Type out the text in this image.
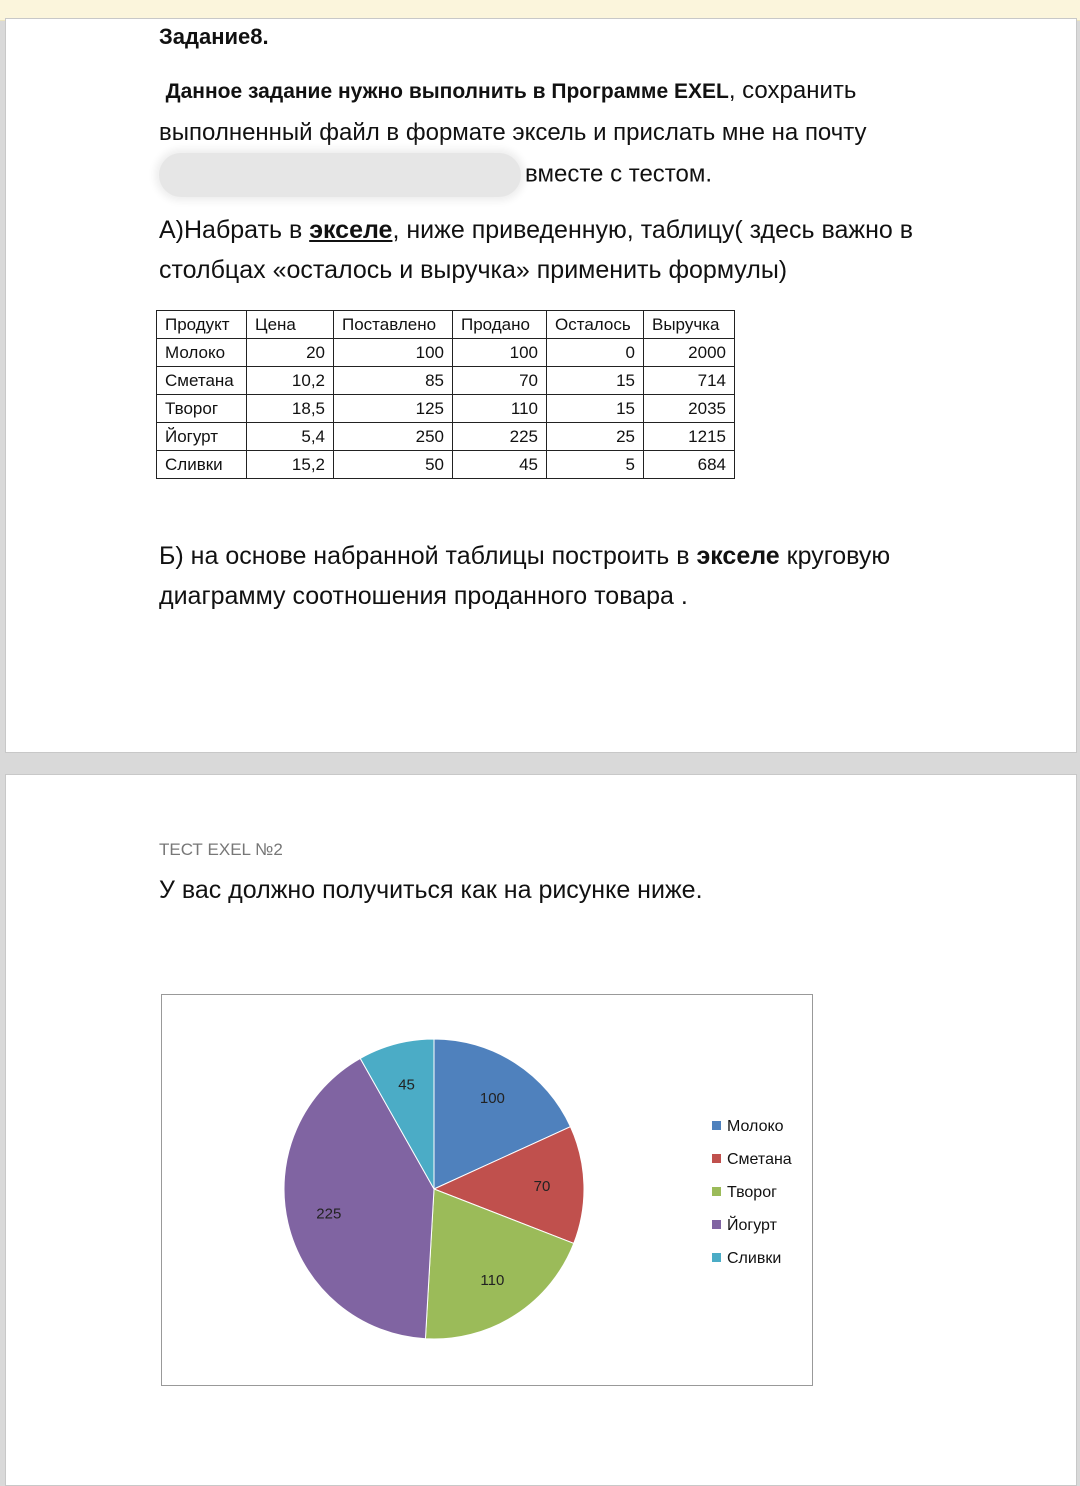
Задание8.
Данное задание нужно выполнить в Программе EXEL, сохранить
выполненный файл в формате эксель и прислать мне на почту
вместе с тестом.
А)Набрать в экселе, ниже приведенную, таблицу( здесь важно в
столбцах «осталось и выручка» применить формулы)
Продукт	Цена	Поставлено	Продано	Осталось	Выручка
Молоко	20	100	100	0	2000
Сметана	10,2	85	70	15	714
Творог	18,5	125	110	15	2035
Йогурт	5,4	250	225	25	1215
Сливки	15,2	50	45	5	684
Б) на основе набранной таблицы построить в экселе круговую
диаграмму соотношения проданного товара .
ТЕСТ EXEL №2
У вас должно получиться как на рисунке ниже.
100
70
110
225
45
Молоко
Сметана
Творог
Йогурт
Сливки
